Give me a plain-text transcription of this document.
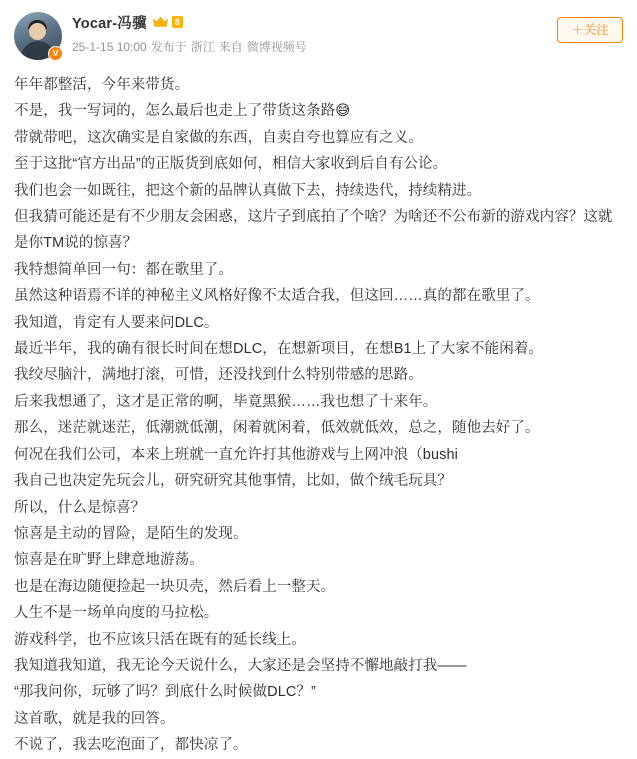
V
Yocar-冯骥	8
25-1-15 10:00 发布于 浙江 来自 微博视频号
＋关注

年年都整活，今年来带货。

不是，我一写词的，怎么最后也走上了带货这条路😅

带就带吧，这次确实是自家做的东西，自卖自夸也算应有之义。

至于这批“官方出品”的正版货到底如何，相信大家收到后自有公论。

我们也会一如既往，把这个新的品牌认真做下去，持续迭代，持续精进。

但我猜可能还是有不少朋友会困惑，这片子到底拍了个啥？为啥还不公布新的游戏内容？这就是你TM说的惊喜？

我特想简单回一句：都在歌里了。

虽然这种语焉不详的神秘主义风格好像不太适合我，但这回……真的都在歌里了。

我知道，肯定有人要来问DLC。

最近半年，我的确有很长时间在想DLC，在想新项目，在想B1上了大家不能闲着。

我绞尽脑汁，满地打滚，可惜，还没找到什么特别带感的思路。

后来我想通了，这才是正常的啊，毕竟黑猴……我也想了十来年。

那么，迷茫就迷茫，低潮就低潮，闲着就闲着，低效就低效，总之，随他去好了。

何况在我们公司，本来上班就一直允许打其他游戏与上网冲浪（bushi

我自己也决定先玩会儿，研究研究其他事情，比如，做个绒毛玩具？

所以，什么是惊喜？

惊喜是主动的冒险，是陌生的发现。

惊喜是在旷野上肆意地游荡。

也是在海边随便捡起一块贝壳，然后看上一整天。

人生不是一场单向度的马拉松。

游戏科学，也不应该只活在既有的延长线上。

我知道我知道，我无论今天说什么，大家还是会坚持不懈地敲打我——

“那我问你，玩够了吗？到底什么时候做DLC？”

这首歌，就是我的回答。

不说了，我去吃泡面了，都快凉了。
